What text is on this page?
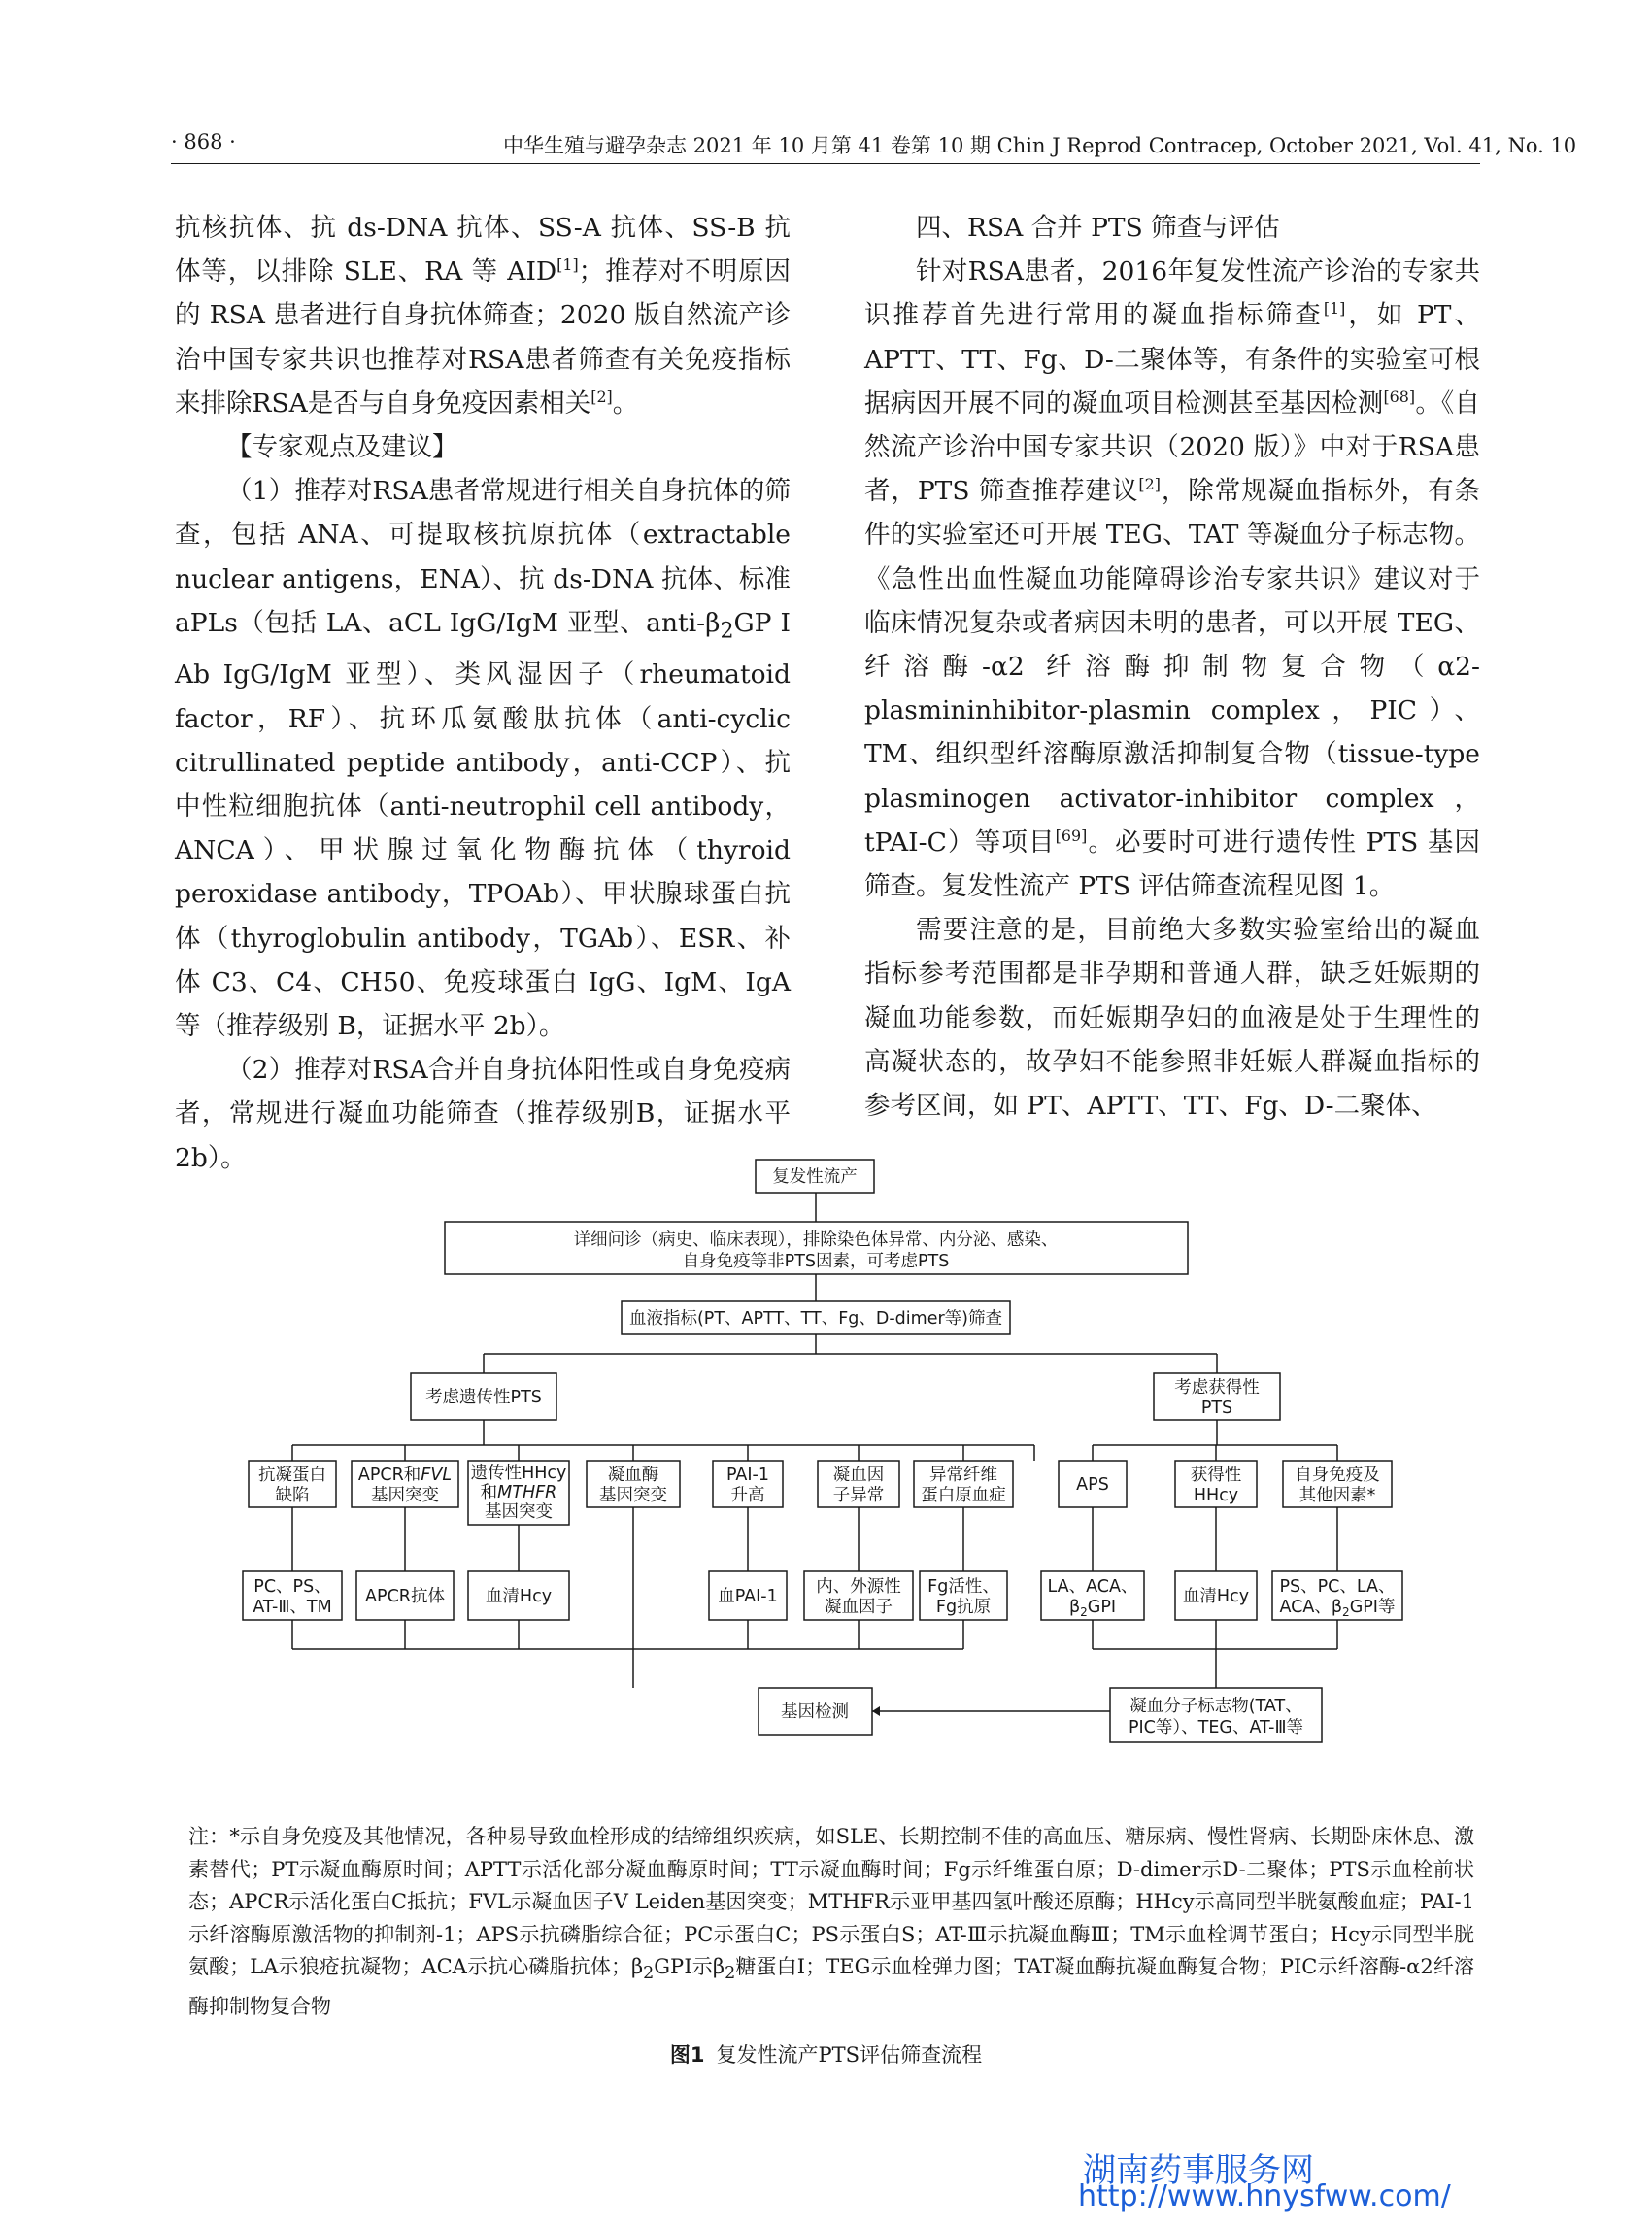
· 868 ·	中华生殖与避孕杂志 2021 年 10 月第 41 卷第 10 期 Chin J Reprod Contracep, October 2021, Vol. 41, No. 10

抗核抗体、抗 ds-DNA 抗体、SS-A 抗体、SS-B 抗体等，以排除 SLE、RA 等 AID[1]；推荐对不明原因的 RSA 患者进行自身抗体筛查；2020 版自然流产诊治中国专家共识也推荐对RSA患者筛查有关免疫指标来排除RSA是否与自身免疫因素相关[2]。

【专家观点及建议】

（1）推荐对RSA患者常规进行相关自身抗体的筛查，包括 ANA、可提取核抗原抗体（extractable nuclear antigens，ENA）、抗 ds-DNA 抗体、标准 aPLs（包括 LA、aCL IgG/IgM 亚型、anti-$\beta_2GP$ Ⅰ Ab IgG/IgM 亚型）、类风湿因子（rheumatoid factor，RF）、抗环瓜氨酸肽抗体（anti-cyclic citrullinated peptide antibody，anti-CCP）、抗中性粒细胞抗体（anti-neutrophil cell antibody，ANCA）、甲状腺过氧化物酶抗体（thyroid peroxidase antibody，TPOAb）、甲状腺球蛋白抗体（thyroglobulin antibody，TGAb）、ESR、补体 C3、C4、CH50、免疫球蛋白 IgG、IgM、IgA 等（推荐级别 B，证据水平 2b）。

（2）推荐对RSA合并自身抗体阳性或自身免疫病者，常规进行凝血功能筛查（推荐级别B，证据水平 2b）。

四、RSA 合并 PTS 筛查与评估

针对RSA患者，2016年复发性流产诊治的专家共识推荐首先进行常用的凝血指标筛查[1]，如 PT、APTT、TT、Fg、D-二聚体等，有条件的实验室可根据病因开展不同的凝血项目检测甚至基因检测[68]。《自然流产诊治中国专家共识（2020 版）》中对于RSA患者，PTS 筛查推荐建议[2]，除常规凝血指标外，有条件的实验室还可开展 TEG、TAT 等凝血分子标志物。《急性出血性凝血功能障碍诊治专家共识》建议对于临床情况复杂或者病因未明的患者，可以开展 TEG、纤溶酶-α2 纤溶酶抑制物复合物（α2-plasmininhibitor-plasmin complex，PIC）、TM、组织型纤溶酶原激活抑制复合物（tissue-type plasminogen activator-inhibitor complex，tPAI-C）等项目[69]。必要时可进行遗传性 PTS 基因筛查。复发性流产 PTS 评估筛查流程见图 1。

需要注意的是，目前绝大多数实验室给出的凝血指标参考范围都是非孕期和普通人群，缺乏妊娠期的凝血功能参数，而妊娠期孕妇的血液是处于生理性的高凝状态的，故孕妇不能参照非妊娠人群凝血指标的参考区间，如 PT、APTT、TT、Fg、D-二聚体、

复发性流产
详细问诊（病史、临床表现），排除染色体异常、内分泌、感染、
自身免疫等非PTS因素，可考虑PTS
血液指标(PT、APTT、TT、Fg、D-dimer等)筛查
考虑遗传性PTS	考虑获得性
PTS
抗凝蛋白
缺陷
APCR和FVL
基因突变
遗传性HHcy
和MTHFR
基因突变
凝血酶
基因突变
PAI-1
升高
凝血因
子异常
异常纤维
蛋白原血症
APS	获得性
HHcy
自身免疫及
其他因素*
PC、PS、
AT-Ⅲ、TM
APCR抗体 血清Hcy	血PAI-1 内、外源性
凝血因子
Fg活性、
Fg抗原
LA、ACA、
$\beta_2GPⅠ$
血清Hcy PS、PC、LA、
ACA、$\beta_2GPⅠ$等
基因检测	凝血分子标志物(TAT、
PIC等）、TEG、AT-Ⅲ等
注：*示自身免疫及其他情况，各种易导致血栓形成的结缔组织疾病，如SLE、长期控制不佳的高血压、糖尿病、慢性肾病、长期卧床休息、激素替代；PT示凝血酶原时间；APTT示活化部分凝血酶原时间；TT示凝血酶时间；Fg示纤维蛋白原；D-dimer示D-二聚体；PTS示血栓前状态；APCR示活化蛋白C抵抗；FVL示凝血因子V Leiden基因突变；MTHFR示亚甲基四氢叶酸还原酶；HHcy示高同型半胱氨酸血症；PAI-1示纤溶酶原激活物的抑制剂-1；APS示抗磷脂综合征；PC示蛋白C；PS示蛋白S；AT-Ⅲ示抗凝血酶Ⅲ；TM示血栓调节蛋白；Hcy示同型半胱氨酸；LA示狼疮抗凝物；ACA示抗心磷脂抗体；$\beta_2GPⅠ$示$\beta_2$糖蛋白Ⅰ；TEG示血栓弹力图；TAT凝血酶抗凝血酶复合物；PIC示纤溶酶-α2纤溶酶抑制物复合物
图1 复发性流产PTS评估筛查流程
湖南药事服务网
http://www.hnysfww.com/
